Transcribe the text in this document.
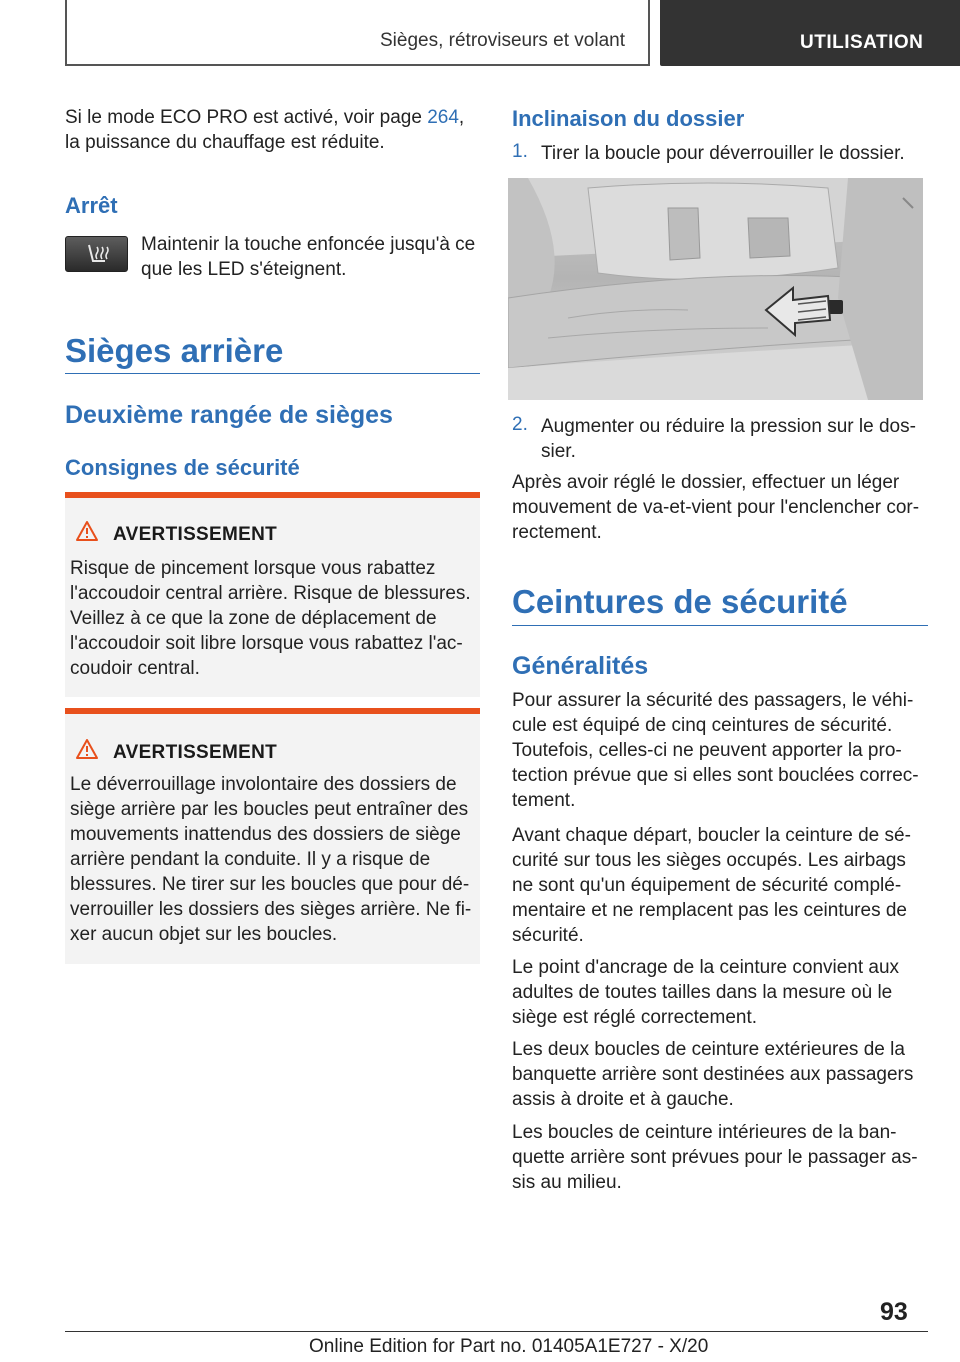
Sièges, rétroviseurs et volant	UTILISATION
Si le mode ECO PRO est activé, voir page 264,
la puissance du chauffage est réduite.
Arrêt
Maintenir la touche enfoncée jusqu'à ce
que les LED s'éteignent.
Sièges arrière
Deuxième rangée de sièges
Consignes de sécurité
AVERTISSEMENT
Risque de pincement lorsque vous rabattez
l'accoudoir central arrière. Risque de blessures.
Veillez à ce que la zone de déplacement de
l'accoudoir soit libre lorsque vous rabattez l'ac-
coudoir central.
AVERTISSEMENT
Le déverrouillage involontaire des dossiers de
siège arrière par les boucles peut entraîner des
mouvements inattendus des dossiers de siège
arrière pendant la conduite. Il y a risque de
blessures. Ne tirer sur les boucles que pour dé-
verrouiller les dossiers des sièges arrière. Ne fi-
xer aucun objet sur les boucles.
Inclinaison du dossier
1. Tirer la boucle pour déverrouiller le dossier.
2. Augmenter ou réduire la pression sur le dos-
sier.
Après avoir réglé le dossier, effectuer un léger
mouvement de va-et-vient pour l'enclencher cor-
rectement.
Ceintures de sécurité
Généralités
Pour assurer la sécurité des passagers, le véhi-
cule est équipé de cinq ceintures de sécurité.
Toutefois, celles-ci ne peuvent apporter la pro-
tection prévue que si elles sont bouclées correc-
tement.
Avant chaque départ, boucler la ceinture de sé-
curité sur tous les sièges occupés. Les airbags
ne sont qu'un équipement de sécurité complé-
mentaire et ne remplacent pas les ceintures de
sécurité.
Le point d'ancrage de la ceinture convient aux
adultes de toutes tailles dans la mesure où le
siège est réglé correctement.
Les deux boucles de ceinture extérieures de la
banquette arrière sont destinées aux passagers
assis à droite et à gauche.
Les boucles de ceinture intérieures de la ban-
quette arrière sont prévues pour le passager as-
sis au milieu.
93
Online Edition for Part no. 01405A1E727 - X/20
